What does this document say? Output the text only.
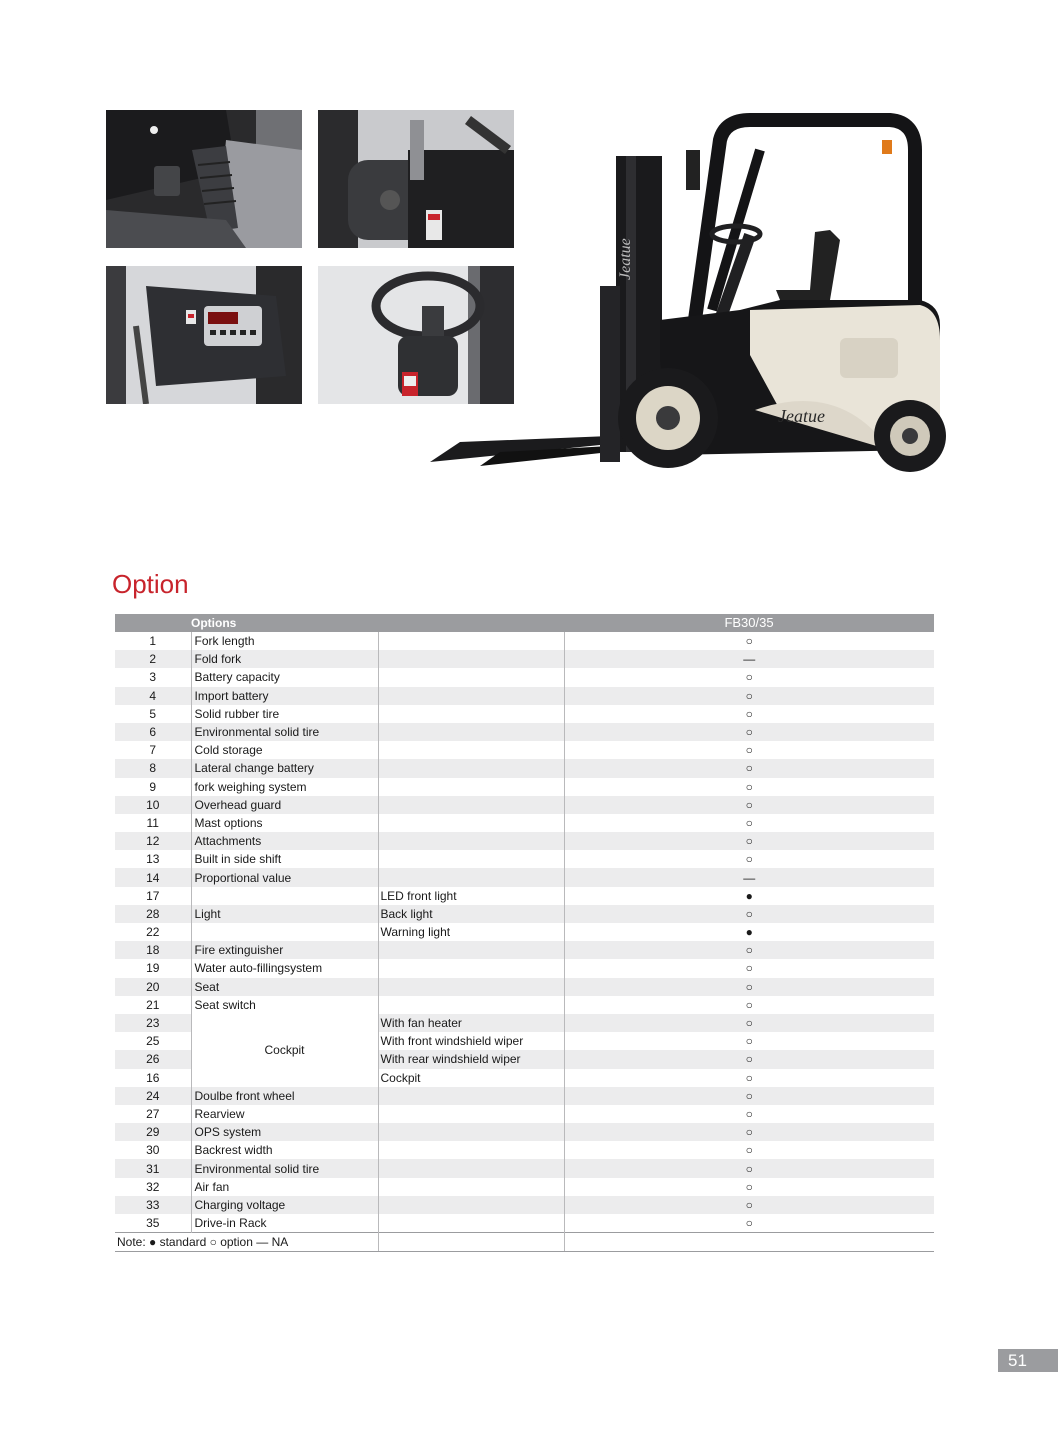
Jeatue
Jeatue
Option
	Options		FB30/35
1	Fork length		○
2	Fold fork		—
3	Battery capacity		○
4	Import battery		○
5	Solid rubber tire		○
6	Environmental solid tire		○
7	Cold storage		○
8	Lateral change battery		○
9	fork weighing system		○
10	Overhead guard		○
11	Mast options		○
12	Attachments		○
13	Built in side shift		○
14	Proportional value		—
17		LED front light	●
28	Light	Back light	○
22		Warning light	●
18	Fire extinguisher		○
19	Water auto-fillingsystem		○
20	Seat		○
21	Seat switch		○
23	Cockpit	With fan heater	○
25		With front windshield wiper	○
26		With rear windshield wiper	○
16		Cockpit	○
24	Doulbe front wheel		○
27	Rearview		○
29	OPS system		○
30	Backrest width		○
31	Environmental solid tire		○
32	Air fan		○
33	Charging voltage		○
35	Drive-in Rack		○
Note: ● standard ○ option — NA			
51
